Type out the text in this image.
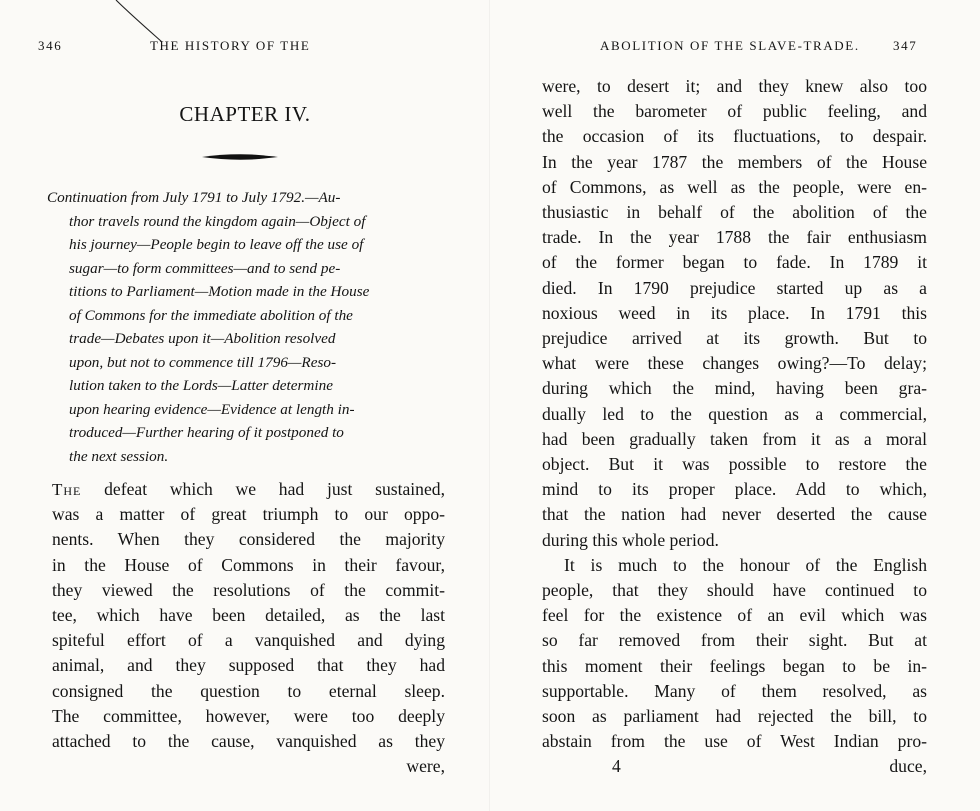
346	THE HISTORY OF THE
CHAPTER IV.
Continuation from July 1791 to July 1792.—Au-
thor travels round the kingdom again—Object of
his journey—People begin to leave off the use of
sugar—to form committees—and to send pe-
titions to Parliament—Motion made in the House
of Commons for the immediate abolition of the
trade—Debates upon it—Abolition resolved
upon, but not to commence till 1796—Reso-
lution taken to the Lords—Latter determine
upon hearing evidence—Evidence at length in-
troduced—Further hearing of it postponed to
the next session.
The defeat which we had just sustained,
was a matter of great triumph to our oppo-
nents. When they considered the majority
in the House of Commons in their favour,
they viewed the resolutions of the commit-
tee, which have been detailed, as the last
spiteful effort of a vanquished and dying
animal, and they supposed that they had
consigned the question to eternal sleep.
The committee, however, were too deeply
attached to the cause, vanquished as they
were,
ABOLITION OF THE SLAVE-TRADE.	347
were, to desert it; and they knew also too
well the barometer of public feeling, and
the occasion of its fluctuations, to despair.
In the year 1787 the members of the House
of Commons, as well as the people, were en-
thusiastic in behalf of the abolition of the
trade. In the year 1788 the fair enthusiasm
of the former began to fade. In 1789 it
died. In 1790 prejudice started up as a
noxious weed in its place. In 1791 this
prejudice arrived at its growth. But to
what were these changes owing?—To delay;
during which the mind, having been gra-
dually led to the question as a commercial,
had been gradually taken from it as a moral
object. But it was possible to restore the
mind to its proper place. Add to which,
that the nation had never deserted the cause
during this whole period.
It is much to the honour of the English
people, that they should have continued to
feel for the existence of an evil which was
so far removed from their sight. But at
this moment their feelings began to be in-
supportable. Many of them resolved, as
soon as parliament had rejected the bill, to
abstain from the use of West Indian pro-
4	duce,
